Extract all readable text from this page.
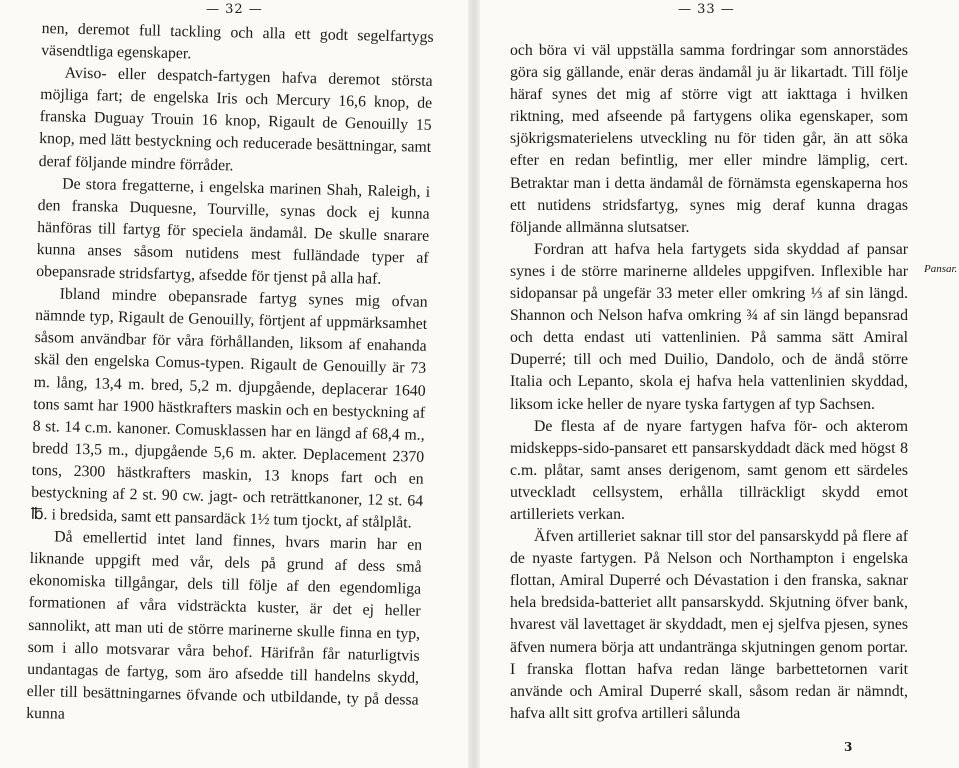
— 32 —

nen, deremot full tackling och alla ett godt segelfartygs väsendtliga egenskaper.

Aviso- eller despatch-fartygen hafva deremot största möjliga fart; de engelska Iris och Mercury 16,6 knop, de franska Duguay Trouin 16 knop, Rigault de Genouilly 15 knop, med lätt bestyckning och reducerade besättningar, samt deraf följande mindre förråder.

De stora fregatterne, i engelska marinen Shah, Raleigh, i den franska Duquesne, Tourville, synas dock ej kunna hänföras till fartyg för speciela ändamål. De skulle snarare kunna anses såsom nutidens mest fulländade typer af obepansrade stridsfartyg, afsedde för tjenst på alla haf.

Ibland mindre obepansrade fartyg synes mig ofvan nämnde typ, Rigault de Genouilly, förtjent af uppmärksamhet såsom användbar för våra förhållanden, liksom af enahanda skäl den engelska Comus-typen. Rigault de Genouilly är 73 m. lång, 13,4 m. bred, 5,2 m. djupgående, deplacerar 1640 tons samt har 1900 hästkrafters maskin och en bestyckning af 8 st. 14 c.m. kanoner. Comusklassen har en längd af 68,4 m., bredd 13,5 m., djupgående 5,6 m. akter. Deplacement 2370 tons, 2300 hästkrafters maskin, 13 knops fart och en bestyckning af 2 st. 90 cw. jagt- och reträttkanoner, 12 st. 64 ℔. i bredsida, samt ett pansardäck 1½ tum tjockt, af stålplåt.

Då emellertid intet land finnes, hvars marin har en liknande uppgift med vår, dels på grund af dess små ekonomiska tillgångar, dels till följe af den egendomliga formationen af våra vidsträckta kuster, är det ej heller sannolikt, att man uti de större marinerne skulle finna en typ, som i allo motsvarar våra behof. Härifrån får naturligtvis undantagas de fartyg, som äro afsedde till handelns skydd, eller till besättningarnes öfvande och utbildande, ty på dessa kunna

— 33 —

och böra vi väl uppställa samma fordringar som annorstädes göra sig gällande, enär deras ändamål ju är likartadt. Till följe häraf synes det mig af större vigt att iakttaga i hvilken riktning, med afseende på fartygens olika egenskaper, som sjökrigsmaterielens utveckling nu för tiden går, än att söka efter en redan befintlig, mer eller mindre lämplig, cert. Betraktar man i detta ändamål de förnämsta egenskaperna hos ett nutidens stridsfartyg, synes mig deraf kunna dragas följande allmänna slutsatser.

Fordran att hafva hela fartygets sida skyddad af pansar synes i de större marinerne alldeles uppgifven. Inflexible har sidopansar på ungefär 33 meter eller omkring ⅓ af sin längd. Shannon och Nelson hafva omkring ¾ af sin längd bepansrad och detta endast uti vattenlinien. På samma sätt Amiral Duperré; till och med Duilio, Dandolo, och de ändå större Italia och Lepanto, skola ej hafva hela vattenlinien skyddad, liksom icke heller de nyare tyska fartygen af typ Sachsen.

De flesta af de nyare fartygen hafva för- och akterom midskepps-sido-pansaret ett pansarskyddadt däck med högst 8 c.m. plåtar, samt anses derigenom, samt genom ett särdeles utveckladt cellsystem, erhålla tillräckligt skydd emot artilleriets verkan.

Äfven artilleriet saknar till stor del pansarskydd på flere af de nyaste fartygen. På Nelson och Northampton i engelska flottan, Amiral Duperré och Dévastation i den franska, saknar hela bredsida-batteriet allt pansarskydd. Skjutning öfver bank, hvarest väl lavettaget är skyddadt, men ej sjelfva pjesen, synes äfven numera börja att undantränga skjutningen genom portar. I franska flottan hafva redan länge barbettetornen varit använde och Amiral Duperré skall, såsom redan är nämndt, hafva allt sitt grofva artilleri sålunda

Pansar.
3
